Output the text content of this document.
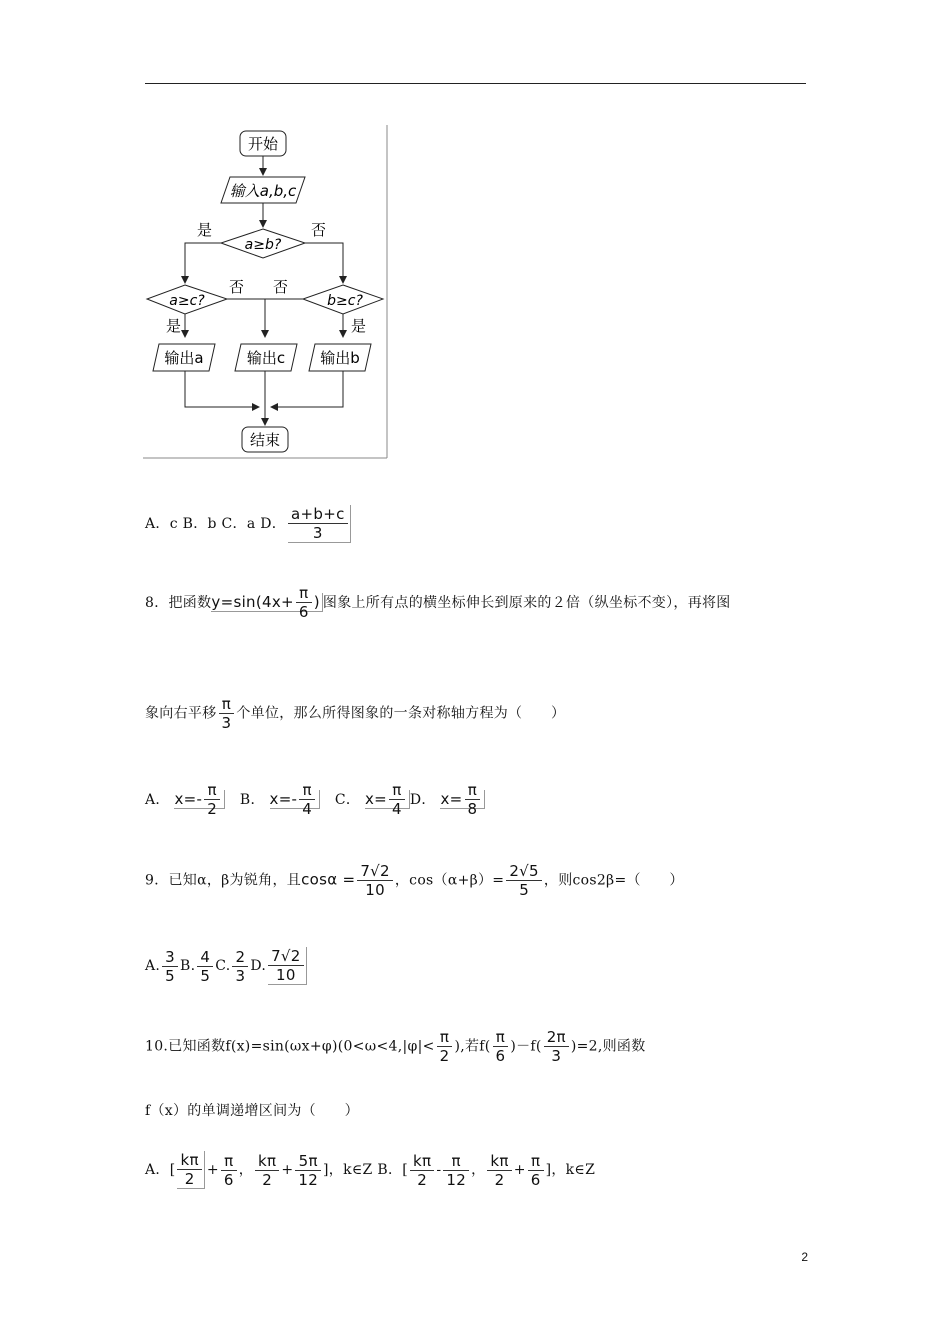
开始
输入a,b,c
a≥b?
是	否
a≥c?
否
是
b≥c?
否
是
输出a	输出c 输出b
结束
A．c B．b C．a D． $\frac{a+b+c}{3}$
8．把函数$y=\sin(4x+ \frac{\pi}{6}$ ) 图象上所有点的横坐标伸长到原来的２倍（纵坐标不变），再将图
象向右平移 $\frac{\pi}{3}$ 个单位，那么所得图象的一条对称轴方程为（　　）
A． $x=- \frac{\pi}{2}$ B． $x=- \frac{\pi}{4}$ C． $x= \frac{\pi}{4}$ D． $x= \frac{\pi}{8}$
9．已知α，β为锐角，且$\cos\alpha = \frac{7√2}{10}$ ，$\cos(\alpha+\beta)= \frac{2√5}{5}$ ，则cos2β=（　　）
A. $\frac{3}{5} B$. $\frac{4}{5} C$. $\frac{2}{3} D$. $\frac{7√2}{10}$
10.已知函数$f(x)=\sin(\omega x+\varphi)(0<\omega<4,|\varphi|< \frac{\pi}{2}$ ),若$f( \frac{\pi}{6} )-f( \frac{2\pi}{3} )=2$,则函数
f（x）的单调递增区间为（　　）
A．[ $\frac{k\pi}{2} + \frac{\pi}{6}$ ， $\frac{k\pi}{2} + \frac{5\pi}{12}$ ]，k∈Z B．[ $\frac{k\pi}{2} - \frac{\pi}{12}$ ， $\frac{k\pi}{2} + \frac{\pi}{6}$ ]，k∈Z
2
